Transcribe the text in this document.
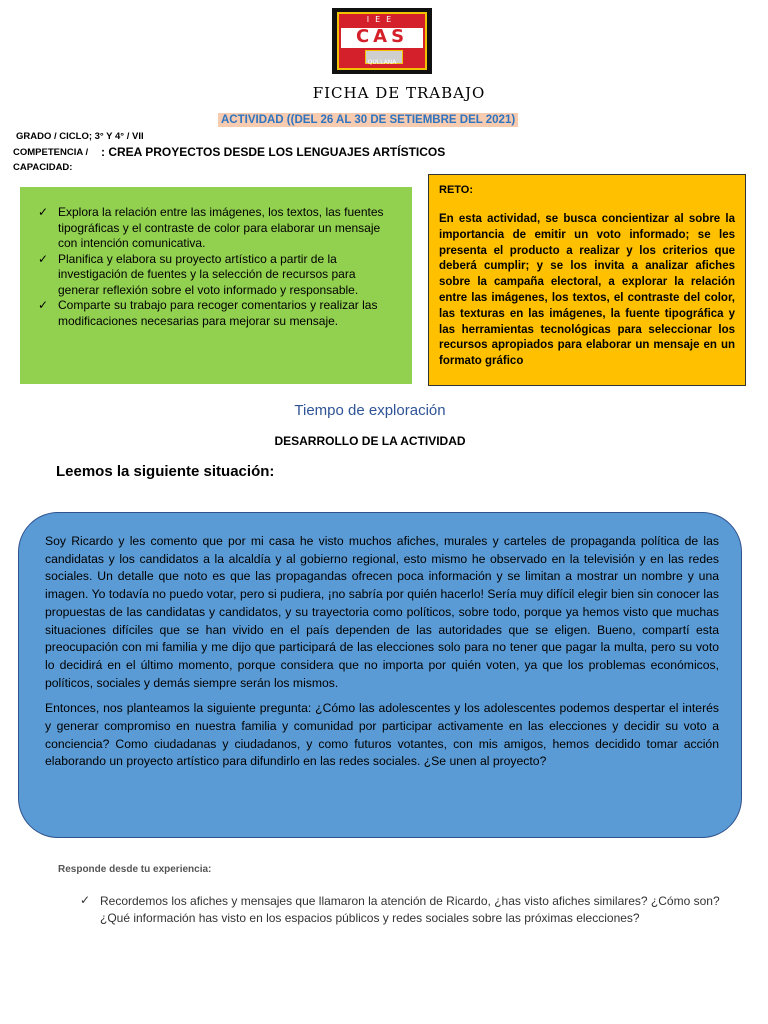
IEE
CAS
QULLANA
FICHA DE TRABAJO
ACTIVIDAD ((DEL 26 AL 30 DE SETIEMBRE DEL 2021)
GRADO / CICLO; 3° Y 4° / VII
COMPETENCIA / : CREA PROYECTOS DESDE LOS LENGUAJES ARTÍSTICOS
CAPACIDAD:
✓ Explora la relación entre las imágenes, los textos, las fuentes tipográficas y el contraste de color para elaborar un mensaje con intención comunicativa.
✓ Planifica y elabora su proyecto artístico a partir de la investigación de fuentes y la selección de recursos para generar reflexión sobre el voto informado y responsable.
✓ Comparte su trabajo para recoger comentarios y realizar las modificaciones necesarias para mejorar su mensaje.
RETO:
En esta actividad, se busca concientizar al sobre la importancia de emitir un voto informado; se les presenta el producto a realizar y los criterios que deberá cumplir; y se los invita a analizar afiches sobre la campaña electoral, a explorar la relación entre las imágenes, los textos, el contraste del color, las texturas en las imágenes, la fuente tipográfica y las herramientas tecnológicas para seleccionar los recursos apropiados para elaborar un mensaje en un formato gráfico
Tiempo de exploración
DESARROLLO DE LA ACTIVIDAD
Leemos la siguiente situación:

Soy Ricardo y les comento que por mi casa he visto muchos afiches, murales y carteles de propaganda política de las candidatas y los candidatos a la alcaldía y al gobierno regional, esto mismo he observado en la televisión y en las redes sociales. Un detalle que noto es que las propagandas ofrecen poca información y se limitan a mostrar un nombre y una imagen. Yo todavía no puedo votar, pero si pudiera, ¡no sabría por quién hacerlo! Sería muy difícil elegir bien sin conocer las propuestas de las candidatas y candidatos, y su trayectoria como políticos, sobre todo, porque ya hemos visto que muchas situaciones difíciles que se han vivido en el país dependen de las autoridades que se eligen. Bueno, compartí esta preocupación con mi familia y me dijo que participará de las elecciones solo para no tener que pagar la multa, pero su voto lo decidirá en el último momento, porque considera que no importa por quién voten, ya que los problemas económicos, políticos, sociales y demás siempre serán los mismos.

Entonces, nos planteamos la siguiente pregunta: ¿Cómo las adolescentes y los adolescentes podemos despertar el interés y generar compromiso en nuestra familia y comunidad por participar activamente en las elecciones y decidir su voto a conciencia? Como ciudadanas y ciudadanos, y como futuros votantes, con mis amigos, hemos decidido tomar acción elaborando un proyecto artístico para difundirlo en las redes sociales. ¿Se unen al proyecto?

Responde desde tu experiencia:
✓ Recordemos los afiches y mensajes que llamaron la atención de Ricardo, ¿has visto afiches similares? ¿Cómo son? ¿Qué información has visto en los espacios públicos y redes sociales sobre las próximas elecciones?
